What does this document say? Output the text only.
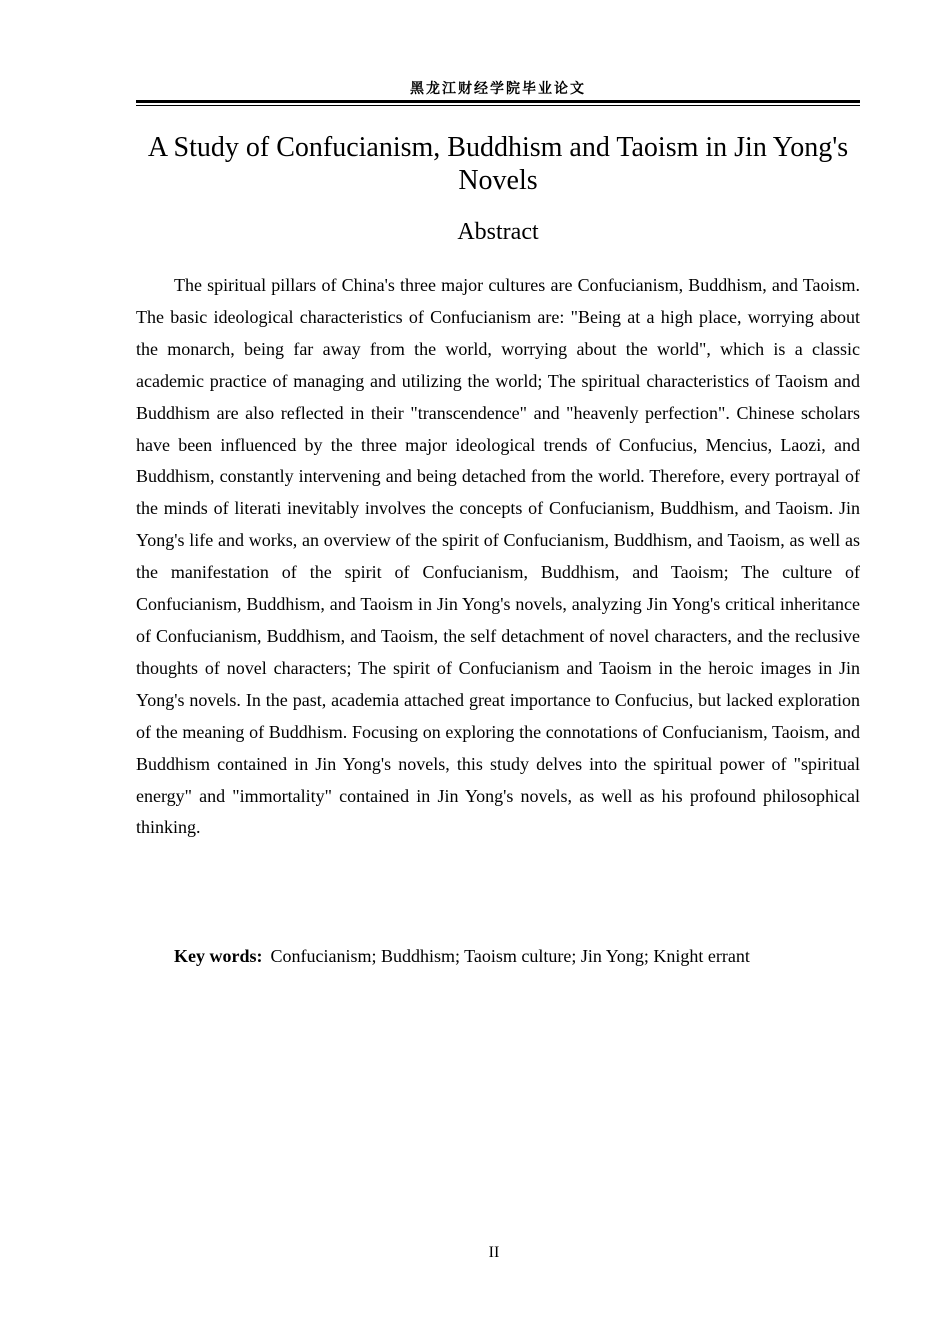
黑龙江财经学院毕业论文
A Study of Confucianism, Buddhism and Taoism in Jin Yong's Novels
Abstract

The spiritual pillars of China's three major cultures are Confucianism, Buddhism, and Taoism. The basic ideological characteristics of Confucianism are: "Being at a high place, worrying about the monarch, being far away from the world, worrying about the world", which is a classic academic practice of managing and utilizing the world; The spiritual characteristics of Taoism and Buddhism are also reflected in their "transcendence" and "heavenly perfection". Chinese scholars have been influenced by the three major ideological trends of Confucius, Mencius, Laozi, and Buddhism, constantly intervening and being detached from the world. Therefore, every portrayal of the minds of literati inevitably involves the concepts of Confucianism, Buddhism, and Taoism. Jin Yong's life and works, an overview of the spirit of Confucianism, Buddhism, and Taoism, as well as the manifestation of the spirit of Confucianism, Buddhism, and Taoism; The culture of Confucianism, Buddhism, and Taoism in Jin Yong's novels, analyzing Jin Yong's critical inheritance of Confucianism, Buddhism, and Taoism, the self detachment of novel characters, and the reclusive thoughts of novel characters; The spirit of Confucianism and Taoism in the heroic images in Jin Yong's novels. In the past, academia attached great importance to Confucius, but lacked exploration of the meaning of Buddhism. Focusing on exploring the connotations of Confucianism, Taoism, and Buddhism contained in Jin Yong's novels, this study delves into the spiritual power of "spiritual energy" and "immortality" contained in Jin Yong's novels, as well as his profound philosophical thinking.

Key words: Confucianism; Buddhism; Taoism culture; Jin Yong; Knight errant

II
